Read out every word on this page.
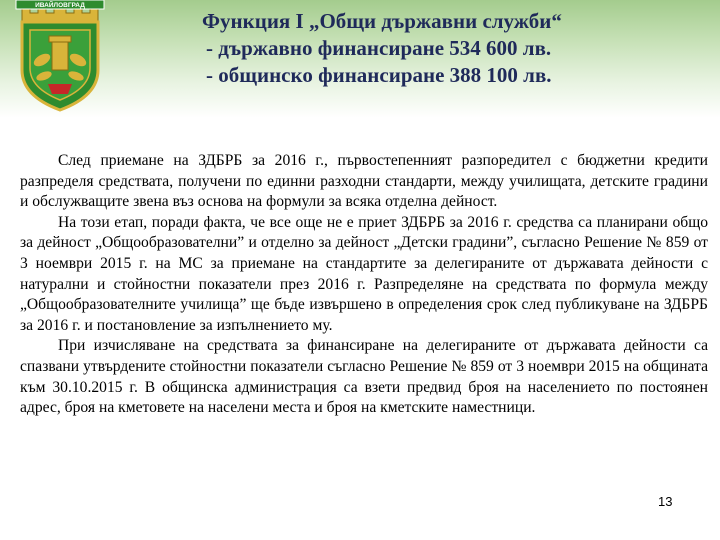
ИВАЙЛОВГРАД
Функция I „Общи държавни служби“
- държавно финансиране 534 600 лв.
- общинско финансиране 388 100 лв.

След приемане на ЗДБРБ за 2016 г., първостепенният разпоредител с бюджетни кредити разпределя средствата, получени по единни разходни стандарти, между училищата, детските градини и обслужващите звена въз основа на формули за всяка отделна дейност.

На този етап, поради факта, че все още не е приет ЗДБРБ за 2016 г. средства са планирани общо за дейност „Общообразователни” и отделно за дейност „Детски градини”, съгласно Решение № 859 от 3 ноември 2015 г. на МС за приемане на стандартите за делегираните от държавата дейности с натурални и стойностни показатели през 2016 г. Разпределяне на средствата по формула между „Общообразователните училища” ще бъде извършено в определения срок след публикуване на ЗДБРБ за 2016 г. и постановление за изпълнението му.

При изчисляване на средствата за финансиране на делегираните от държавата дейности са спазвани утвърдените стойностни показатели съгласно Решение № 859 от 3 ноември 2015 на общината към 30.10.2015 г. В общинска администрация са взети предвид броя на населението по постоянен адрес, броя на кметовете на населени места и броя на кметските наместници.

13
